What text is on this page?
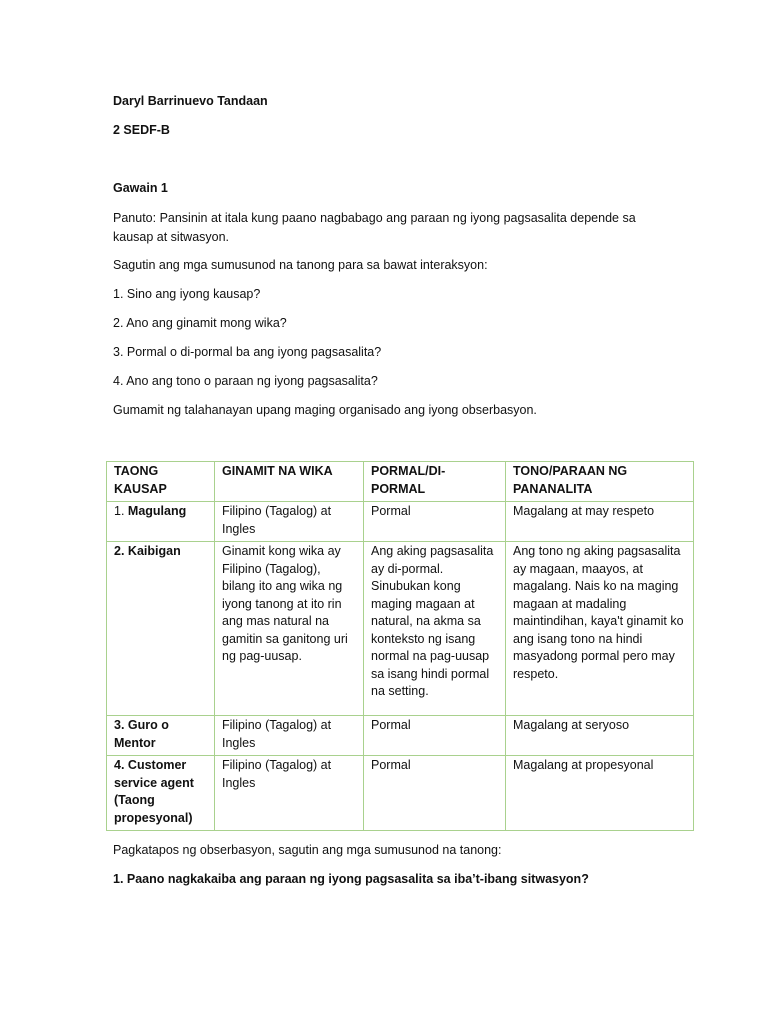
Daryl Barrinuevo Tandaan

2 SEDF-B

Gawain 1

Panuto: Pansinin at itala kung paano nagbabago ang paraan ng iyong pagsasalita depende sa kausap at sitwasyon.

Sagutin ang mga sumusunod na tanong para sa bawat interaksyon:

1. Sino ang iyong kausap?

2. Ano ang ginamit mong wika?

3. Pormal o di-pormal ba ang iyong pagsasalita?

4. Ano ang tono o paraan ng iyong pagsasalita?

Gumamit ng talahanayan upang maging organisado ang iyong obserbasyon.

TAONG KAUSAP	GINAMIT NA WIKA	PORMAL/DI-PORMAL	TONO/PARAAN NG PANANALITA
1. Magulang	Filipino (Tagalog) at Ingles	Pormal	Magalang at may respeto
2. Kaibigan	Ginamit kong wika ay Filipino (Tagalog), bilang ito ang wika ng iyong tanong at ito rin ang mas natural na gamitin sa ganitong uri ng pag-uusap.	Ang aking pagsasalita ay di-pormal. Sinubukan kong maging magaan at natural, na akma sa konteksto ng isang normal na pag-uusap sa isang hindi pormal na setting.	Ang tono ng aking pagsasalita ay magaan, maayos, at magalang. Nais ko na maging magaan at madaling maintindihan, kaya't ginamit ko ang isang tono na hindi masyadong pormal pero may respeto.
3. Guro o Mentor	Filipino (Tagalog) at Ingles	Pormal	Magalang at seryoso
4. Customer service agent (Taong propesyonal)	Filipino (Tagalog) at Ingles	Pormal	Magalang at propesyonal

Pagkatapos ng obserbasyon, sagutin ang mga sumusunod na tanong:

1. Paano nagkakaiba ang paraan ng iyong pagsasalita sa iba’t-ibang sitwasyon?
